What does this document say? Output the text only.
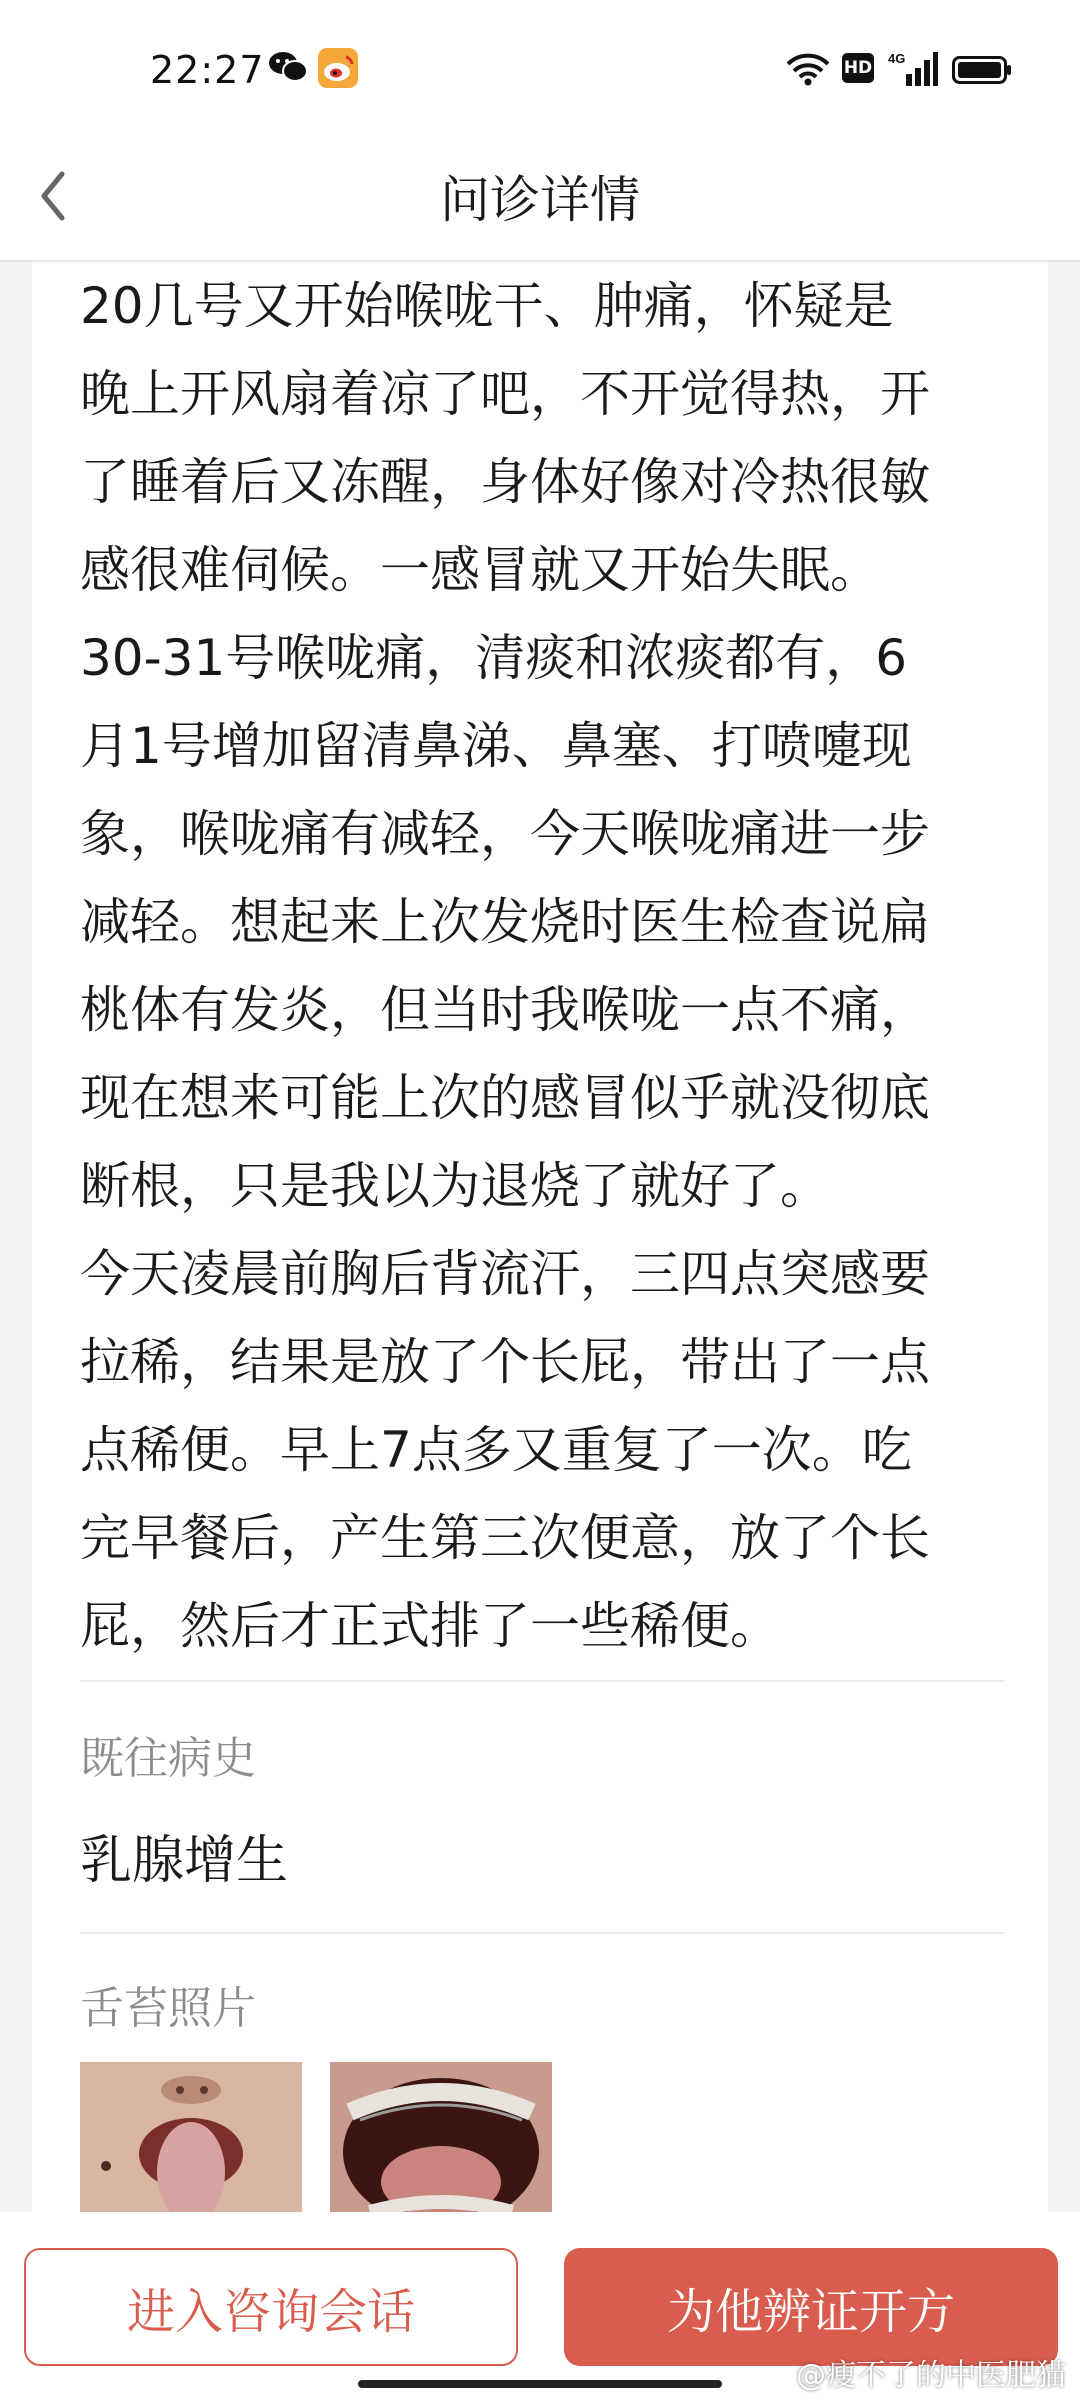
22:27	HD 4G
问诊详情

20几号又开始喉咙干、肿痛，怀疑是

晚上开风扇着凉了吧，不开觉得热，开

了睡着后又冻醒，身体好像对冷热很敏

感很难伺候。一感冒就又开始失眠。

30-31号喉咙痛，清痰和浓痰都有，6

月1号增加留清鼻涕、鼻塞、打喷嚏现

象，喉咙痛有减轻，今天喉咙痛进一步

减轻。想起来上次发烧时医生检查说扁

桃体有发炎，但当时我喉咙一点不痛，

现在想来可能上次的感冒似乎就没彻底

断根，只是我以为退烧了就好了。

今天凌晨前胸后背流汗，三四点突感要

拉稀，结果是放了个长屁，带出了一点

点稀便。早上7点多又重复了一次。吃

完早餐后，产生第三次便意，放了个长

屁，然后才正式排了一些稀便。

既往病史
乳腺增生
舌苔照片
进入咨询会话	为他辨证开方
@瘦不了的中医肥猫
